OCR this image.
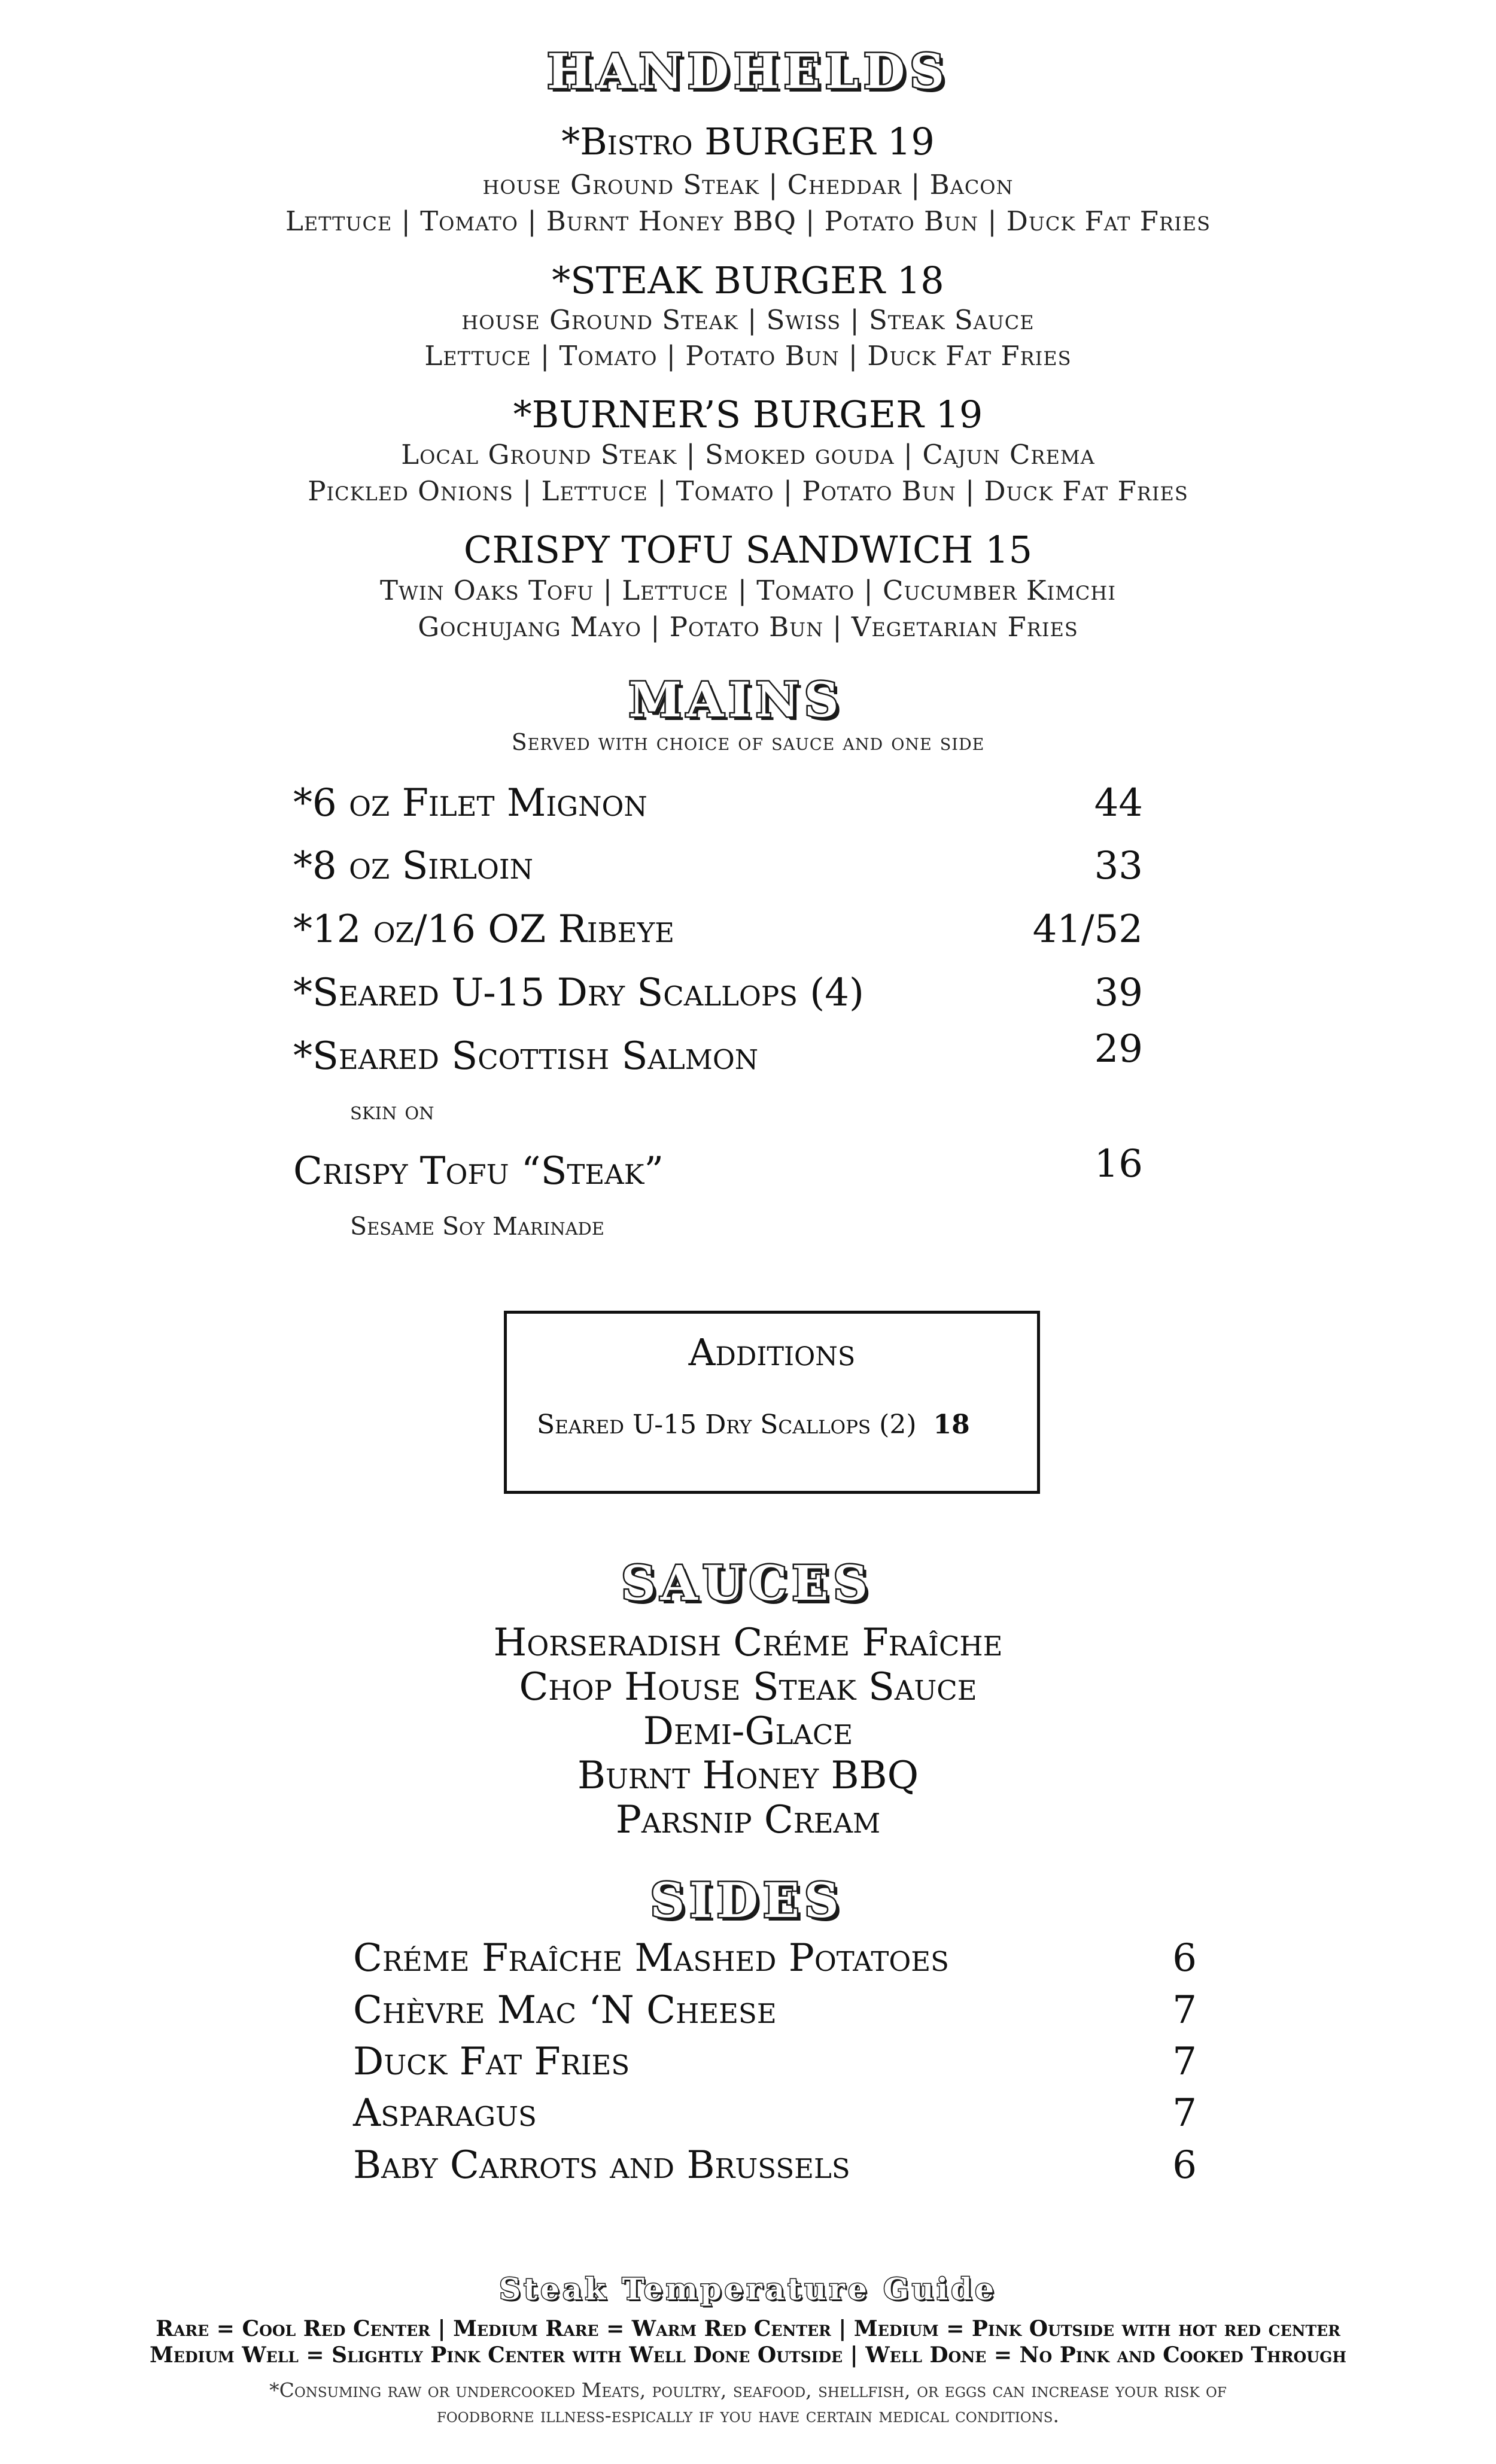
HANDHELDS
*Bistro BURGER 19
house Ground Steak | Cheddar | Bacon
Lettuce | Tomato | Burnt Honey BBQ | Potato Bun | Duck Fat Fries
*STEAK BURGER 18
house Ground Steak | Swiss | Steak Sauce
Lettuce | Tomato | Potato Bun | Duck Fat Fries
*BURNER’S BURGER 19
Local Ground Steak | Smoked gouda | Cajun Crema
Pickled Onions | Lettuce | Tomato | Potato Bun | Duck Fat Fries
CRISPY TOFU SANDWICH 15
Twin Oaks Tofu | Lettuce | Tomato | Cucumber Kimchi
Gochujang Mayo | Potato Bun | Vegetarian Fries
MAINS
Served with choice of sauce and one side
*6 oz Filet Mignon	44
*8 oz Sirloin	33
*12 oz/16 OZ Ribeye	41/52
*Seared U-15 Dry Scallops (4)	39
*Seared Scottish Salmon	29
skin on
Crispy Tofu “Steak”	16
Sesame Soy Marinade
Additions
Seared U-15 Dry Scallops (2) 18
SAUCES
Horseradish Créme Fraîche
Chop House Steak Sauce
Demi-Glace
Burnt Honey BBQ
Parsnip Cream
SIDES
Créme Fraîche Mashed Potatoes	6
Chèvre Mac ‘N Cheese	7
Duck Fat Fries	7
Asparagus	7
Baby Carrots and Brussels	6
Steak Temperature Guide
Rare = Cool Red Center | Medium Rare = Warm Red Center | Medium = Pink Outside with hot red center
Medium Well = Slightly Pink Center with Well Done Outside | Well Done = No Pink and Cooked Through
*Consuming raw or undercooked Meats, poultry, seafood, shellfish, or eggs can increase your risk of
foodborne illness-espically if you have certain medical conditions.
